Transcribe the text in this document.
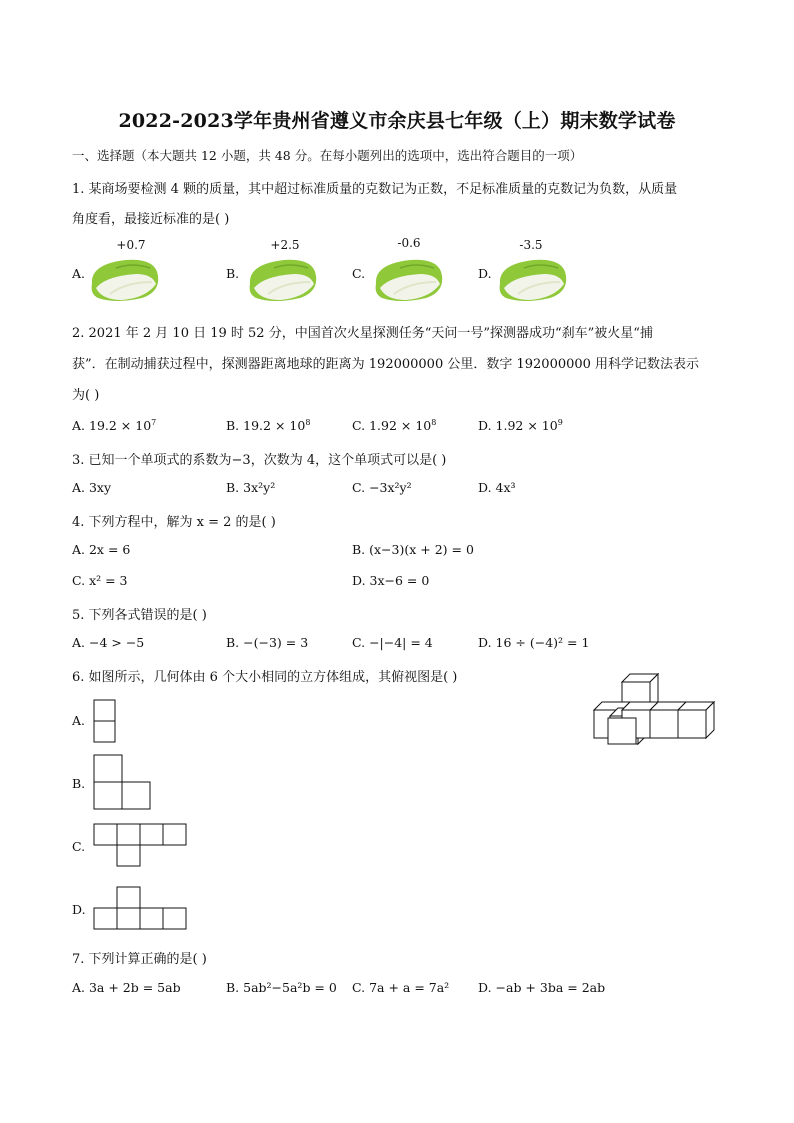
2022-2023学年贵州省遵义市余庆县七年级（上）期末数学试卷
一、选择题（本大题共 12 小题，共 48 分。在每小题列出的选项中，选出符合题目的一项）
1. 某商场要检测 4 颗的质量，其中超过标准质量的克数记为正数，不足标准质量的克数记为负数，从质量
角度看，最接近标准的是( )
A.
+0.7
B.
+2.5
C.
-0.6
D.
-3.5
2. 2021 年 2 月 10 日 19 时 52 分，中国首次火星探测任务“天问一号”探测器成功“刹车”被火星“捕
获”．在制动捕获过程中，探测器距离地球的距离为 192000000 公里．数字 192000000 用科学记数法表示
为( )
A. $19.2 \times 10^7$	B. $19.2 \times 10^8$	C. $1.92 \times 10^8$	D. $1.92 \times 10^9$
3. 已知一个单项式的系数为−3，次数为 4，这个单项式可以是( )
A. 3xy	B. 3x²y²	C. −3x²y²	D. 4x³
4. 下列方程中，解为 x = 2 的是( )
A. 2x = 6	B. (x−3)(x + 2) = 0
C. x² = 3	D. 3x−6 = 0
5. 下列各式错误的是( )
A. −4 > −5	B. −(−3) = 3	C. −|−4| = 4	D. 16 ÷ (−4)² = 1
6. 如图所示，几何体由 6 个大小相同的立方体组成，其俯视图是( )
A.
B.
C.
D.
7. 下列计算正确的是( )
A. 3a + 2b = 5ab	B. 5ab²−5a²b = 0 C. 7a + a = 7a² D. −ab + 3ba = 2ab
